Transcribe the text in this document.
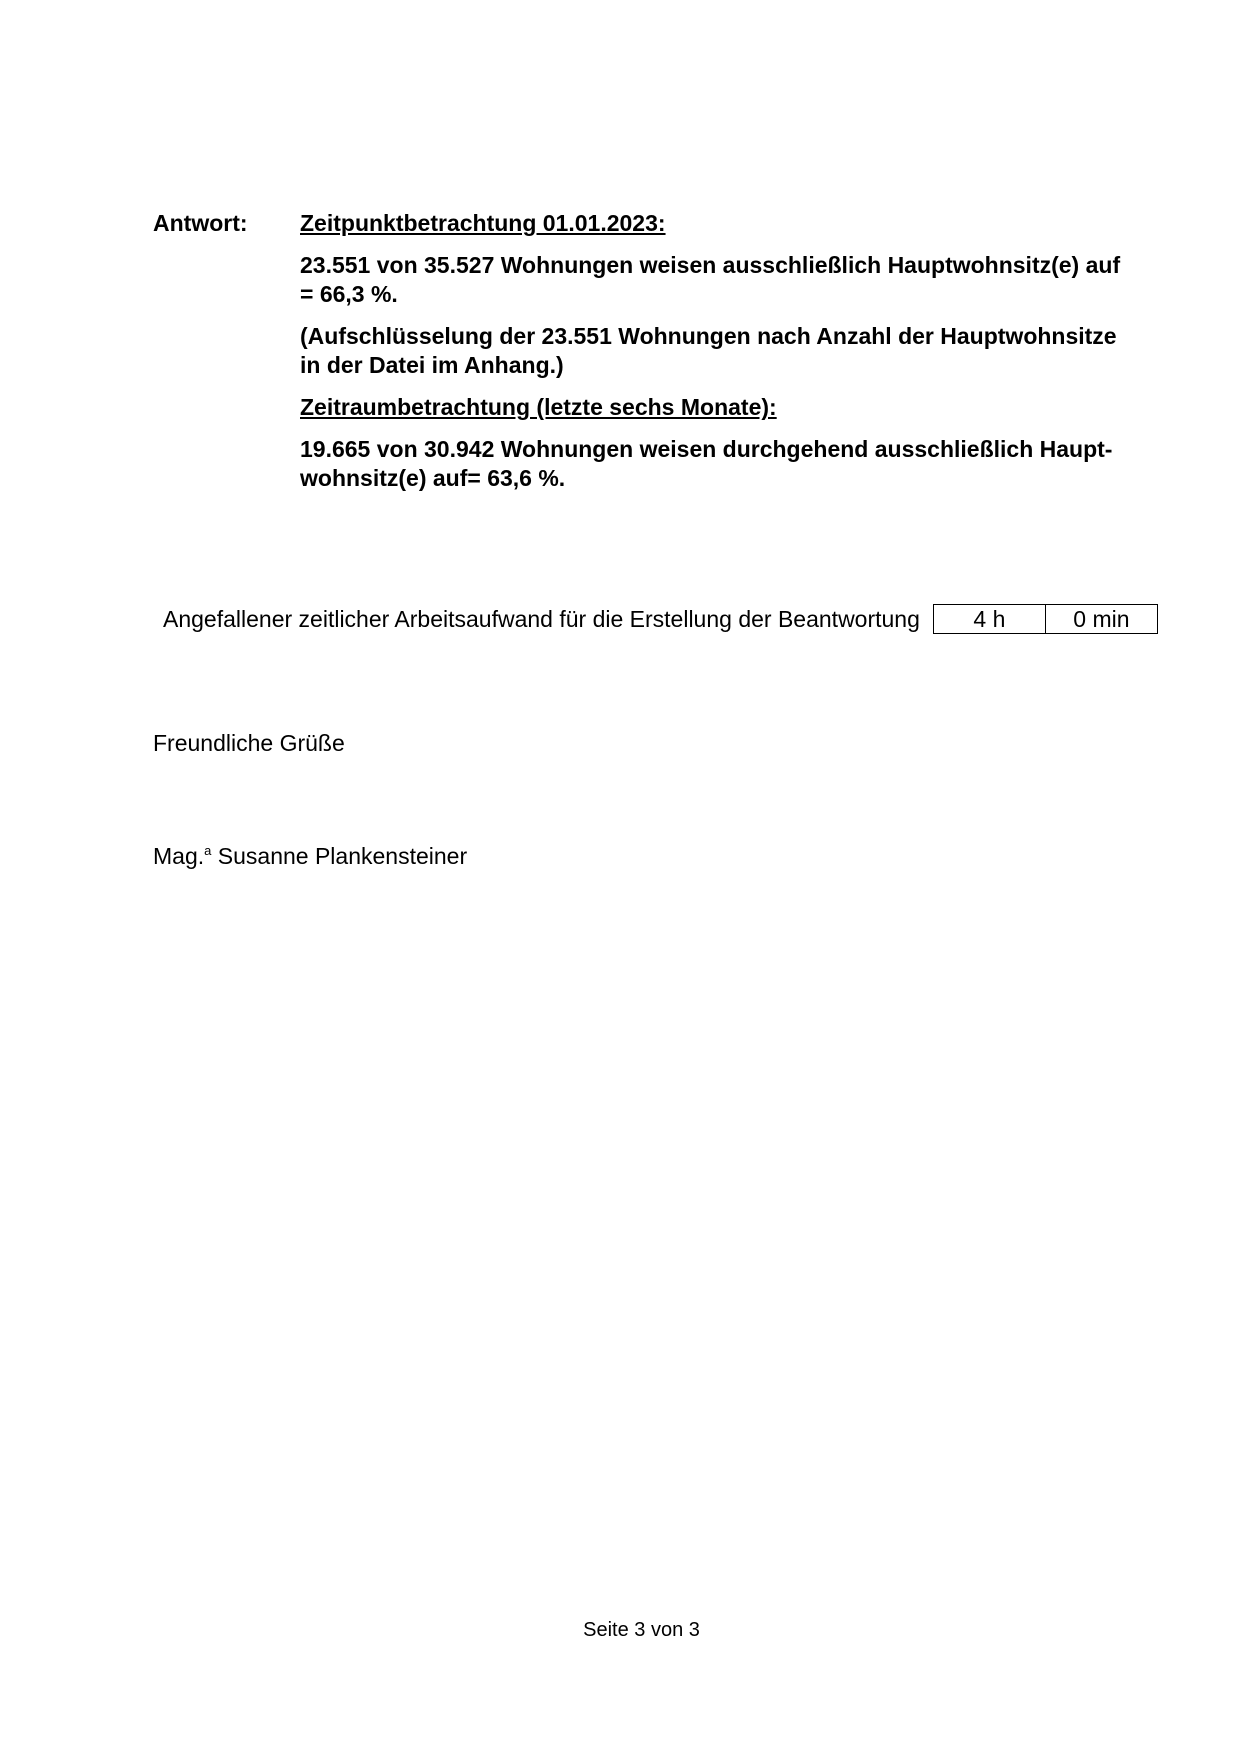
Antwort: Zeitpunktbetrachtung 01.01.2023:

23.551 von 35.527 Wohnungen weisen ausschließlich Hauptwohnsitz(e) auf = 66,3 %.

(Aufschlüsselung der 23.551 Wohnungen nach Anzahl der Hauptwohnsitze in der Datei im Anhang.)

Zeitraumbetrachtung (letzte sechs Monate):

19.665 von 30.942 Wohnungen weisen durchgehend ausschließlich Haupt-
wohnsitz(e) auf= 63,6 %.

Angefallener zeitlicher Arbeitsaufwand für die Erstellung der Beantwortung	4 h	0 min
Freundliche Grüße
Mag.$^a$ Susanne Plankensteiner
Seite 3 von 3
